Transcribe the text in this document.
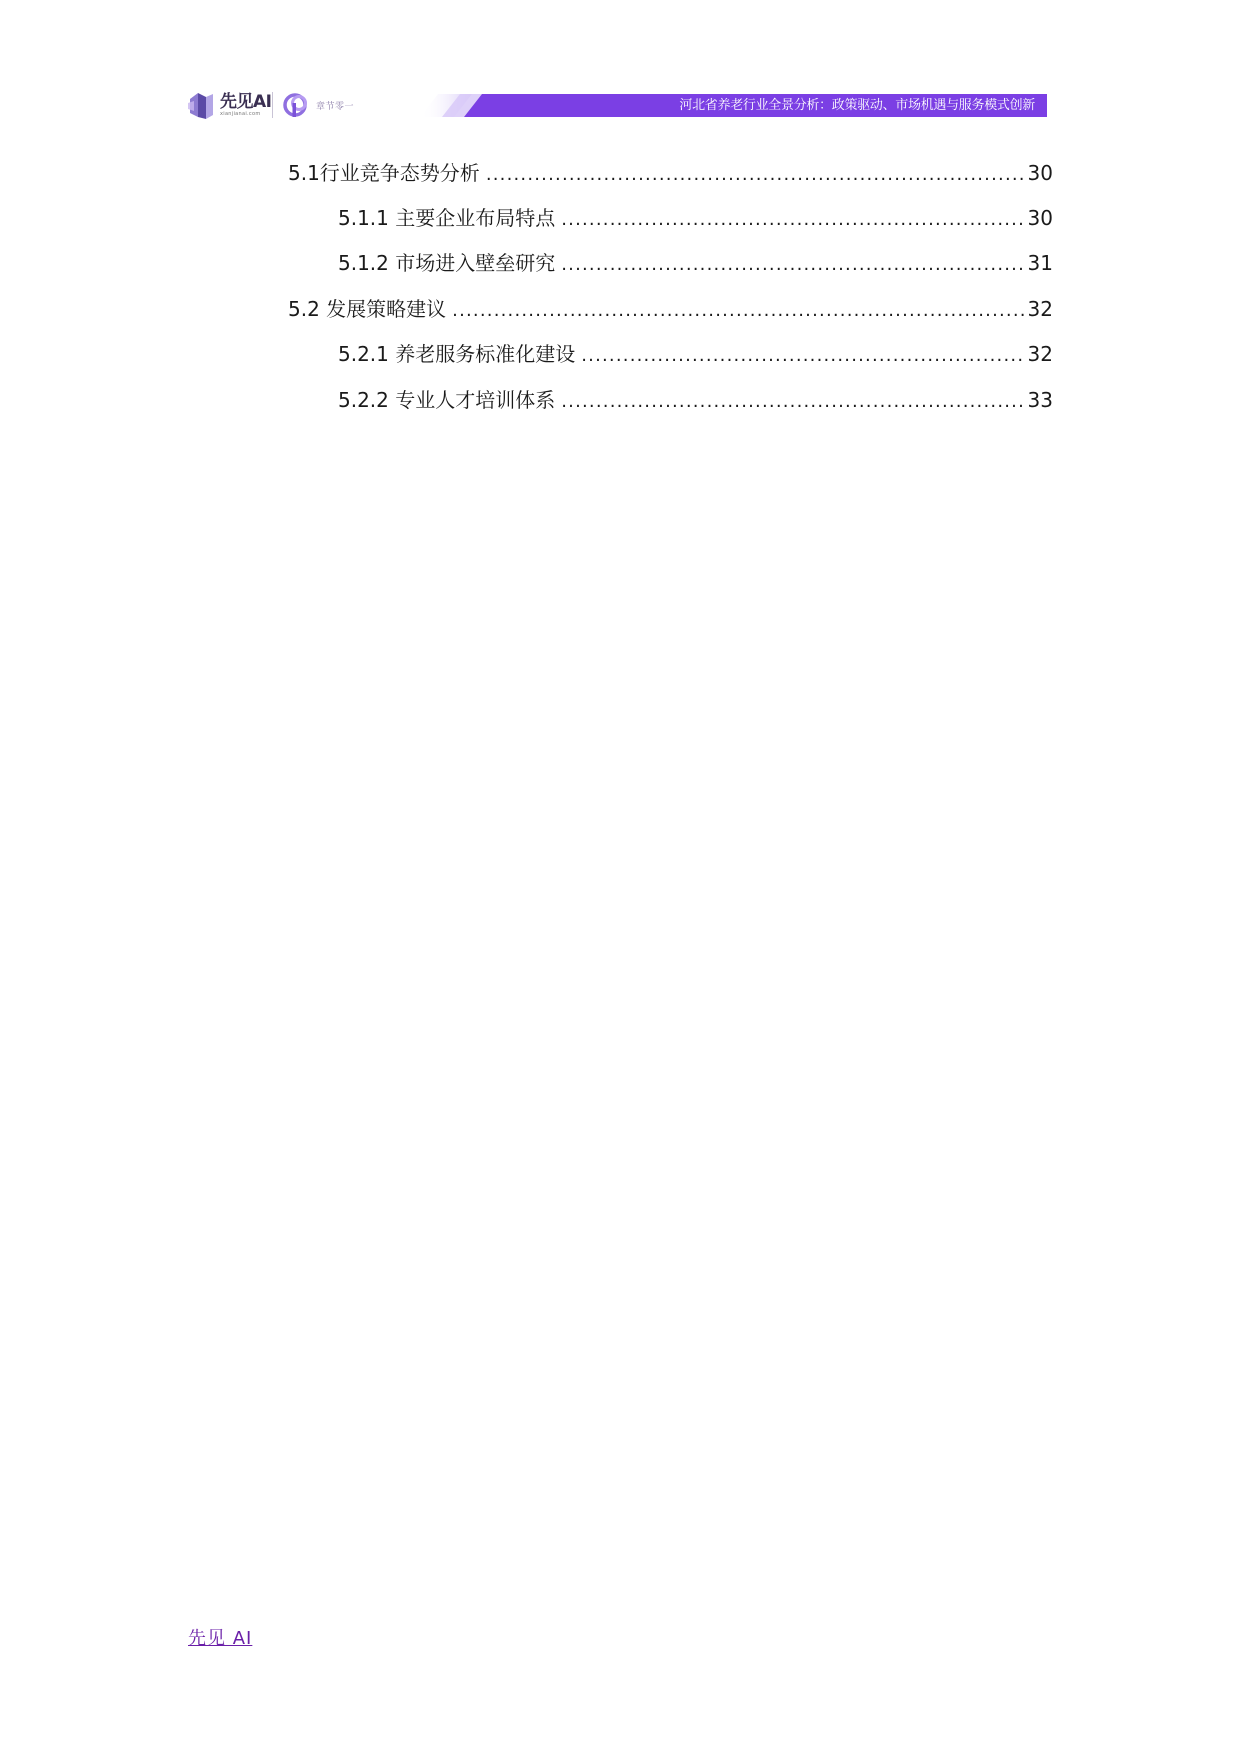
先见AI
xianjianai.com
章节零一	河北省养老行业全景分析：政策驱动、市场机遇与服务模式创新
5.1行业竞争态势分析 .....	30
5.1.1 主要企业布局特点 .....	30
5.1.2 市场进入壁垒研究 .....	31
5.2 发展策略建议 .....	32
5.2.1 养老服务标准化建设 .....	32
5.2.2 专业人才培训体系 .....	33
先见 AI
